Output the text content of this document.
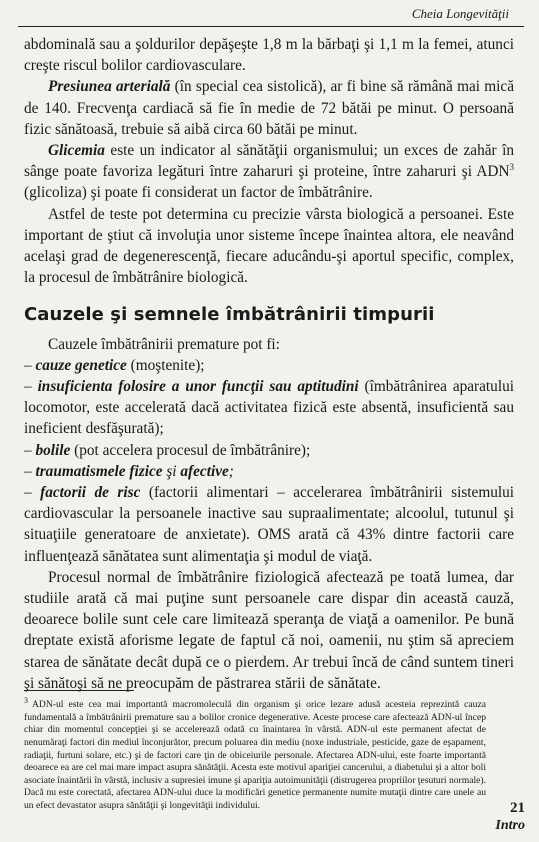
Cheia Longevităţii

abdominală sau a şoldurilor depăşeşte 1,8 m la bărbaţi şi 1,1 m la femei, atunci creşte riscul bolilor cardiovasculare.

Presiunea arterială (în special cea sistolică), ar fi bine să rămână mai mică de 140. Frecvenţa cardiacă să fie în medie de 72 bătăi pe minut. O persoană fizic sănătoasă, trebuie să aibă circa 60 bătăi pe minut.

Glicemia este un indicator al sănătăţii organismului; un exces de zahăr în sânge poate favoriza legături între zaharuri şi proteine, între zaharuri şi ADN$^3$ (glicoliza) şi poate fi considerat un factor de îmbătrânire.

Astfel de teste pot determina cu precizie vârsta biologică a persoanei. Este important de ştiut că involuţia unor sisteme începe înaintea altora, ele neavând acelaşi grad de degenerescenţă, fiecare aducându-şi aportul specific, complex, la procesul de îmbătrânire biologică.

Cauzele şi semnele îmbătrânirii timpurii

Cauzele îmbătrânirii premature pot fi:

– cauze genetice (moştenite);

– insuficienta folosire a unor funcţii sau aptitudini (îmbătrânirea aparatului locomotor, este accelerată dacă activitatea fizică este absentă, insuficientă sau ineficient desfăşurată);

– bolile (pot accelera procesul de îmbătrânire);

– traumatismele fizice şi afective;

– factorii de risc (factorii alimentari – accelerarea îmbătrânirii sistemului cardiovascular la persoanele inactive sau supraalimentate; alcoolul, tutunul şi situaţiile generatoare de anxietate). OMS arată că 43% dintre factorii care influenţează sănătatea sunt alimentaţia şi modul de viaţă.

Procesul normal de îmbătrânire fiziologică afectează pe toată lumea, dar studiile arată că mai puţine sunt persoanele care dispar din această cauză, deoarece bolile sunt cele care limitează speranţa de viaţă a oamenilor. Pe bună dreptate există aforisme legate de faptul că noi, oamenii, nu ştim să apreciem starea de sănătate decât după ce o pierdem. Ar trebui încă de când suntem tineri şi sănătoşi să ne preocupăm de păstrarea stării de sănătate.

$^3$ ADN-ul este cea mai importantă macromoleculă din organism şi orice lezare adusă acesteia reprezintă cauza fundamentală a îmbătrânirii premature sau a bolilor cronice degenerative. Aceste procese care afectează ADN-ul încep chiar din momentul concepţiei şi se accelerează odată cu înaintarea în vârstă. ADN-ul este permanent afectat de nenumăraţi factori din mediul înconjurător, precum poluarea din mediu (noxe industriale, pesticide, gaze de eşapament, radiaţii, furtuni solare, etc.) şi de factori care ţin de obiceiurile personale. Afectarea ADN-ului, este foarte importantă deoarece ea are cel mai mare impact asupra sănătăţii. Acesta este motivul apariţiei cancerului, a diabetului şi a altor boli asociate înaintării în vârstă, inclusiv a supresiei imune şi apariţia autoimunităţii (distrugerea propriilor ţesuturi normale). Dacă nu este corectată, afectarea ADN-ului duce la modificări genetice permanente numite mutaţii dintre care unele au un efect devastator asupra sănătăţii şi longevităţii individului.	21
Intro
